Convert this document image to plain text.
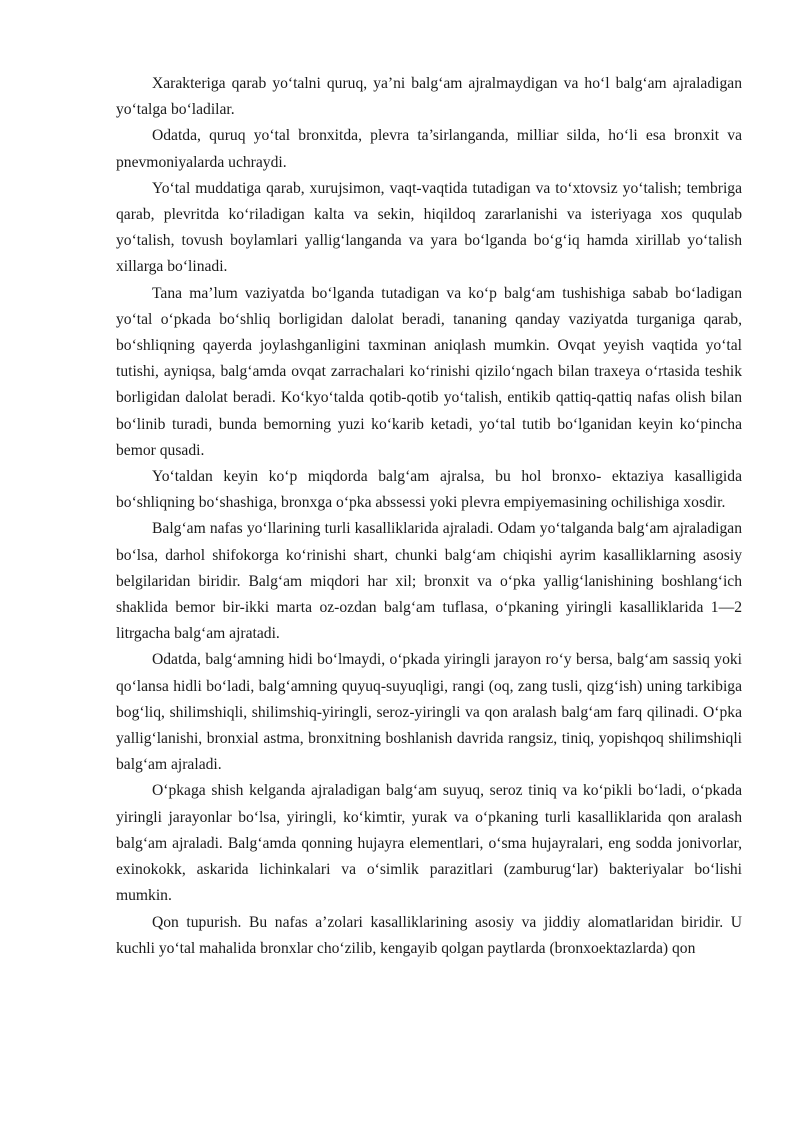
Xarakteriga qarab yo‘talni quruq, ya’ni balg‘am ajralmaydigan va ho‘l balg‘am ajraladigan yo‘talga bo‘ladilar.

Odatda, quruq yo‘tal bronxitda, plevra ta’sirlanganda, milliar silda, ho‘li esa bronxit va pnevmoniyalarda uchraydi.

Yo‘tal muddatiga qarab, xurujsimon, vaqt-vaqtida tutadigan va to‘xtovsiz yo‘talish; tembriga qarab, plevritda ko‘riladigan kalta va sekin, hiqildoq zararlanishi va isteriyaga xos ququlab yo‘talish, tovush boylamlari yallig‘langanda va yara bo‘lganda bo‘g‘iq hamda xirillab yo‘talish xillarga bo‘linadi.

Tana ma’lum vaziyatda bo‘lganda tutadigan va ko‘p balg‘am tushishiga sabab bo‘ladigan yo‘tal o‘pkada bo‘shliq borligidan dalolat beradi, tananing qanday vaziyatda turganiga qarab, bo‘shliqning qayerda joylashganligini taxminan aniqlash mumkin. Ovqat yeyish vaqtida yo‘tal tutishi, ayniqsa, balg‘amda ovqat zarrachalari ko‘rinishi qizilo‘ngach bilan traxeya o‘rtasida teshik borligidan dalolat beradi. Ko‘kyo‘talda qotib-qotib yo‘talish, entikib qattiq-qattiq nafas olish bilan bo‘linib turadi, bunda bemorning yuzi ko‘karib ketadi, yo‘tal tutib bo‘lganidan keyin ko‘pincha bemor qusadi.

Yo‘taldan keyin ko‘p miqdorda balg‘am ajralsa, bu hol bronxo- ektaziya kasalligida bo‘shliqning bo‘shashiga, bronxga o‘pka abssessi yoki plevra empiyemasining ochilishiga xosdir.

Balg‘am nafas yo‘llarining turli kasalliklarida ajraladi. Odam yo‘talganda balg‘am ajraladigan bo‘lsa, darhol shifokorga ko‘rinishi shart, chunki balg‘am chiqishi ayrim kasalliklarning asosiy belgilaridan biridir. Balg‘am miqdori har xil; bronxit va o‘pka yallig‘lanishining boshlang‘ich shaklida bemor bir-ikki marta oz-ozdan balg‘am tuflasa, o‘pkaning yiringli kasalliklarida 1—2 litrgacha balg‘am ajratadi.

Odatda, balg‘amning hidi bo‘lmaydi, o‘pkada yiringli jarayon ro‘y bersa, balg‘am sassiq yoki qo‘lansa hidli bo‘ladi, balg‘amning quyuq-suyuqligi, rangi (oq, zang tusli, qizg‘ish) uning tarkibiga bog‘liq, shilimshiqli, shilimshiq-yiringli, seroz-yiringli va qon aralash balg‘am farq qilinadi. O‘pka yallig‘lanishi, bronxial astma, bronxitning boshlanish davrida rangsiz, tiniq, yopishqoq shilimshiqli balg‘am ajraladi.

O‘pkaga shish kelganda ajraladigan balg‘am suyuq, seroz tiniq va ko‘pikli bo‘ladi, o‘pkada yiringli jarayonlar bo‘lsa, yiringli, ko‘kimtir, yurak va o‘pkaning turli kasalliklarida qon aralash balg‘am ajraladi. Balg‘amda qonning hujayra elementlari, o‘sma hujayralari, eng sodda jonivorlar, exinokokk, askarida lichinkalari va o‘simlik parazitlari (zamburug‘lar) bakteriyalar bo‘lishi mumkin.

Qon tupurish. Bu nafas a’zolari kasalliklarining asosiy va jiddiy alomatlaridan biridir. U kuchli yo‘tal mahalida bronxlar cho‘zilib, kengayib qolgan paytlarda (bronxoektazlarda) qon
